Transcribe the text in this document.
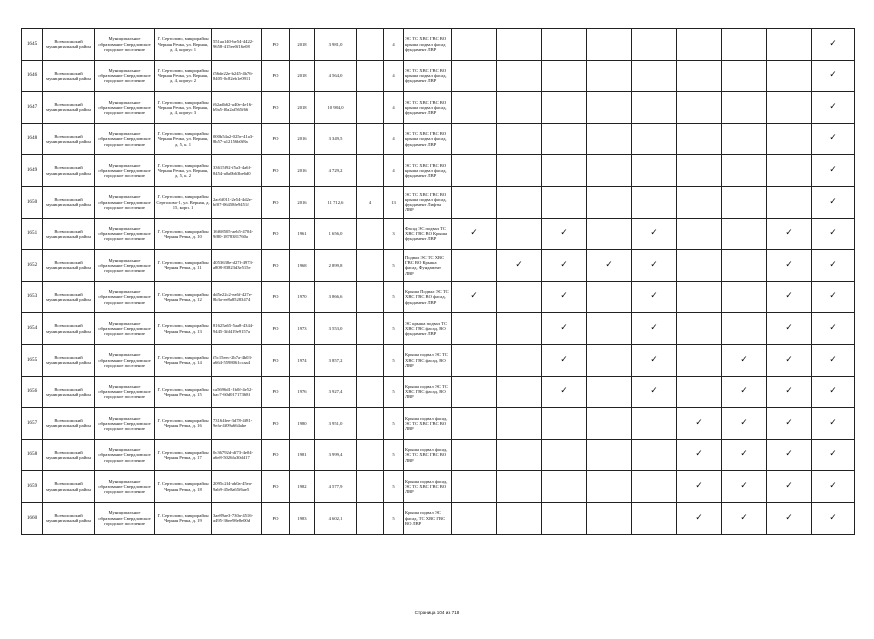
1645	Всеволожский муниципальный район	Муниципальное образование Свердловское городское поселение	Г. Сертолово, микрорайон Черная Речка, ул. Верная, д. 4, корпус 1	551aa140-be54-4422-9658-415ee0f16e08	РО	2018	3 981,0		4	ЭС ТС ХВС ГВС ВО крыша подвал фасад фундамент ЛВР									✓
1646	Всеволожский муниципальный район	Муниципальное образование Свердловское городское поселение	Г. Сертолово, микрорайон Черная Речка, ул. Верная, д. 4, корпус 2	f56de22e-b245-4b76-8405-0c82eb1e0911	РО	2018	4 564,0		4	ЭС ТС ХВС ГВС ВО крыша подвал фасад, фундамент ЛВР									✓
1647	Всеволожский муниципальный район	Муниципальное образование Свердловское городское поселение	Г. Сертолово, микрорайон Черная Речка, ул. Верная, д. 4, корпус 3	f62adb62-a40e-4e16-b9a5-f0a2af565f66	РО	2018	10 984,0		4	ЭС ТС ХВС ГВС ВО крыша подвал фасад, фундамент ЛВР									✓
1648	Всеволожский муниципальный район	Муниципальное образование Свердловское городское поселение	Г. Сертолово, микрорайон Черная Речка, ул. Верная, д. 5, к. 1	000b54a2-025e-41a3-8b57-a12156b0f8a	РО	2016	3 349,5		4	ЭС ТС ХВС ГВС ВО крыша подвал фасад, фундамент ЛВР									✓
1649	Всеволожский муниципальный район	Муниципальное образование Свердловское городское поселение	Г. Сертолово, микрорайон Черная Речка, ул. Верная, д. 5, к. 2	33615f92-f5a3-4a6f-8454-a0a0b63be6d0	РО	2016	4 729,2		4	ЭС ТС ХВС ГВС ВО крыша подвал фасад, фундамент ЛВР									✓
1650	Всеволожский муниципальный район	Муниципальное образование Свердловское городское поселение	Г. Сертолово, микрорайон Сертолово-1, ул. Верная, д. 15, корп. 1	2ac6f011-2e54-4d2e-bf07-06458fe9451f	РО	2016	11 712,6	4	13	ЭС ТС ХВС ГВС ВО крыша подвал фасад, фундамент Лифты ЛВР									✓
1651	Всеволожский муниципальный район	Муниципальное образование Свердловское городское поселение	Г. Сертолово, микрорайон Черная Речка, д. 10	16f68505-aeb5-4704-9f80-1878381760a	РО	1961	1 656,0		3	Фасад ЭС подвал ТС ХВС ГВС ВО Крыша фундамент ЛВР	✓		✓		✓			✓	✓
1652	Всеволожский муниципальный район	Муниципальное образование Свердловское городское поселение	Г. Сертолово, микрорайон Черная Речка, д. 11	4053638e-d27f-4973-a808-83823d3e515e	РО	1968	2 899,8		5	Подвал ЭС ТС ХВС ГВС ВО Крыша фасад, Фундамент ЛВР		✓	✓	✓	✓			✓	✓
1653	Всеволожский муниципальный район	Муниципальное образование Свердловское городское поселение	Г. Сертолово, микрорайон Черная Речка, д. 12	dd5e22c2-ea6f-427e-8b3a-ee8a85283474	РО	1970	3 866,6		5	Крыша Подвал ЭС ТС ХВС ГВС ВО фасад, фундамент ЛВР	✓		✓		✓			✓	✓
1654	Всеволожский муниципальный район	Муниципальное образование Свердловское городское поселение	Г. Сертолово, микрорайон Черная Речка, д. 13	81625a65-5aa8-4344-9445-3fd419e9157a	РО	1973	3 553,0		5	ЭС крыша подвал ТС ХВС ГВС фасад, ВО фундамент ЛВР			✓		✓			✓	✓
1655	Всеволожский муниципальный район	Муниципальное образование Свердловское городское поселение	Г. Сертолово, микрорайон Черная Речка, д. 14	f5c15eec-2b7a-4b03-a664-5598061ccaa4	РО	1974	3 857,2		5	Крыша подвал ЭС ТС ХВС ГВС фасад, ВО ЛВР			✓		✓		✓	✓	✓
1656	Всеволожский муниципальный район	Муниципальное образование Свердловское городское поселение	Г. Сертолово, микрорайон Черная Речка, д. 15	ca5696d1-1b0f-4e52-bac7-60d01717368f	РО	1976	3 927,4		5	Крыша подвал ЭС ТС ХВС ГВС фасад, ВО ЛВР			✓		✓		✓	✓	✓
1657	Всеволожский муниципальный район	Муниципальное образование Свердловское городское поселение	Г. Сертолово, микрорайон Черная Речка, д. 16	73164fee-3d78-4f81-9efa-4f09a664abe	РО	1980	3 951,0		5	Крыша подвал фасад, ЭС ТС ХВС ГВС ВО ЛВР						✓	✓	✓	✓
1658	Всеволожский муниципальный район	Муниципальное образование Свердловское городское поселение	Г. Сертолово, микрорайон Черная Речка, д. 17	0c36792d-df73-4e04-a6e8-5026fa30d417	РО	1981	3 999,4		5	Крыша подвал фасад, ЭС ТС ХВС ГВС ВО ЛВР						✓	✓	✓	✓
1659	Всеволожский муниципальный район	Муниципальное образование Свердловское городское поселение	Г. Сертолово, микрорайон Черная Речка, д. 18	2095c2f4-ab0a-45ea-9ab9-45e8a65f6ae5	РО	1982	4 577,9		5	Крыша подвал фасад, ЭС ТС ХВС ГВС ВО ЛВР						✓	✓	✓	✓
1660	Всеволожский муниципальный район	Муниципальное образование Свердловское городское поселение	Г. Сертолово, микрорайон Черная Речка, д. 19	3ae89ae3-730a-4516-a495-36ee98e8e00d	РО	1983	4 602,1		5	Крыша подвал ЭС фасад, ТС ХВС ГВС ВО ЛВР						✓	✓	✓	✓
Страница 104 из 718
